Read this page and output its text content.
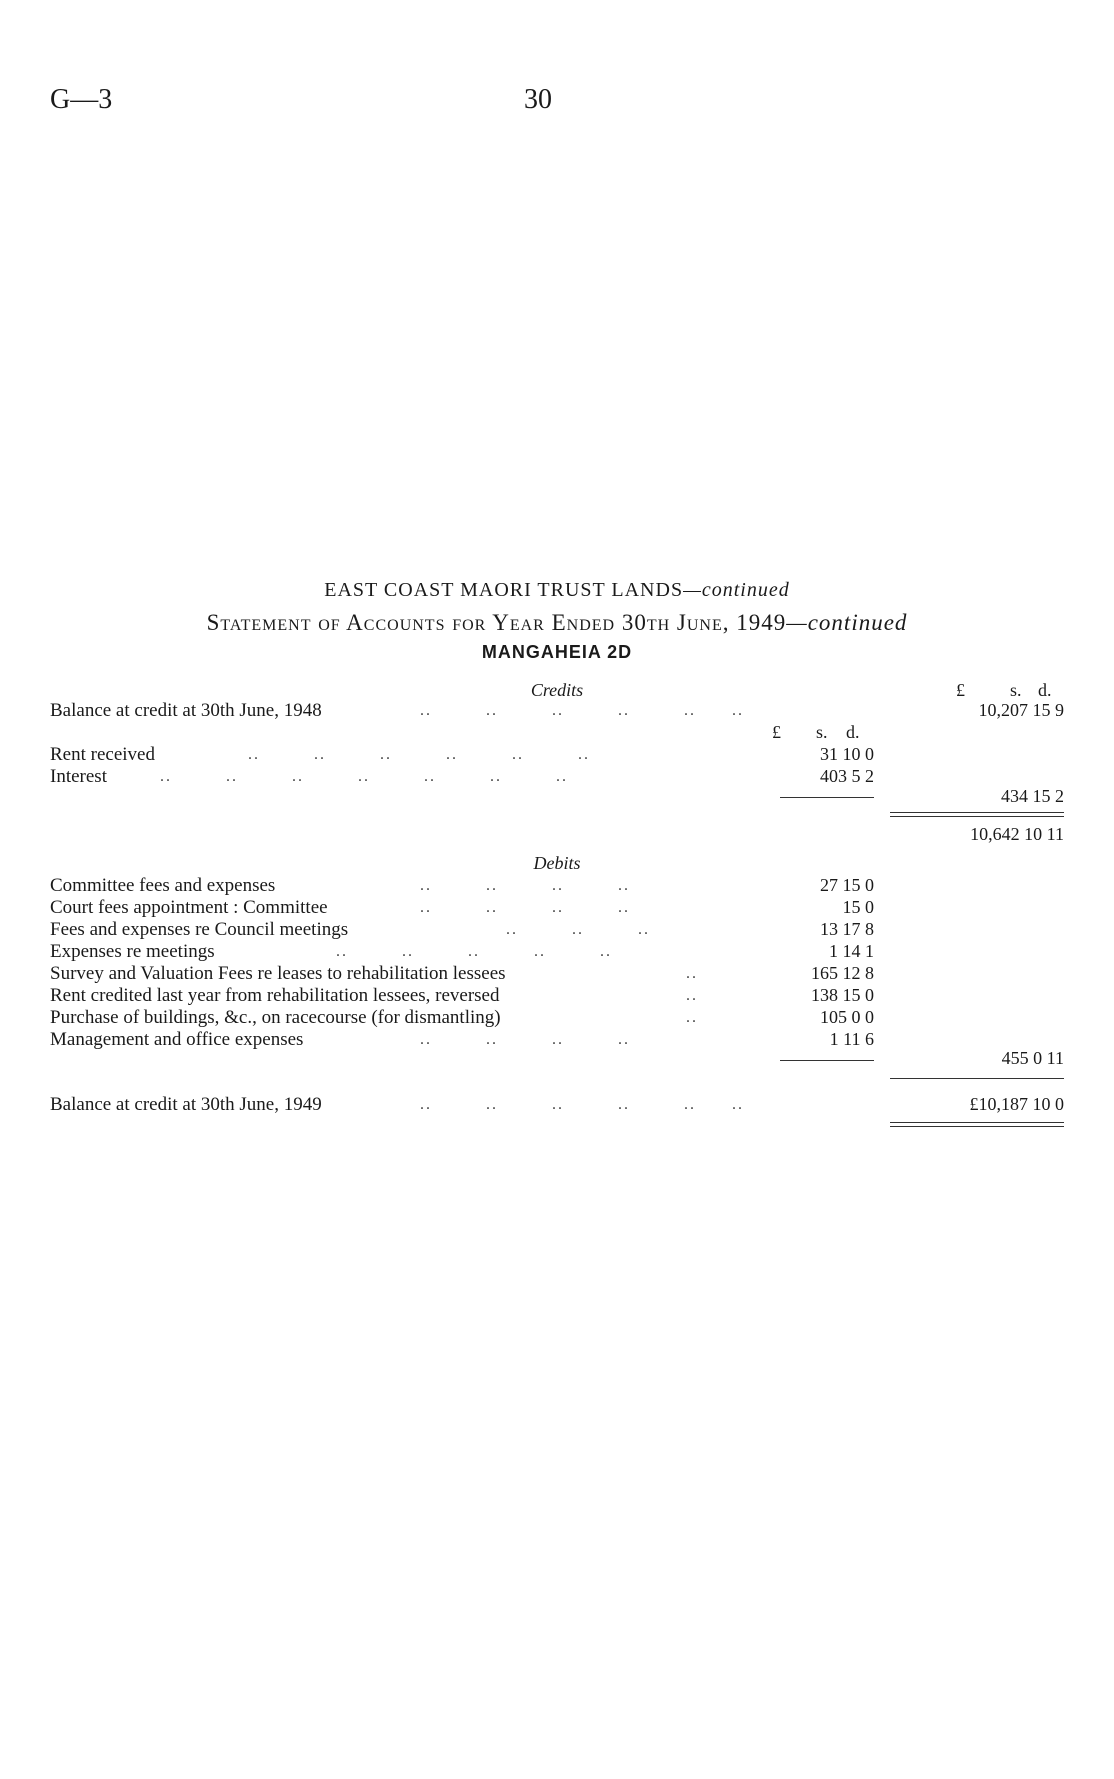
G—3	30
EAST COAST MAORI TRUST LANDS—continued
Statement of Accounts for Year Ended 30th June, 1949—continued
MANGAHEIA 2D
Credits	£	s. d.
Balance at credit at 30th June, 1948	..         ..         ..         ..         ..      ..	10,207 15 9
£ s. d.
Rent received	..         ..         ..         ..         ..         ..	31 10 0
Interest	..         ..         ..         ..         ..         ..         ..	403 5 2
434 15 2
10,642 10 11
Debits
Committee fees and expenses	..         ..         ..         ..	27 15 0
Court fees appointment : Committee	..         ..         ..         ..	15 0
Fees and expenses re Council meetings	..         ..         ..	13 17 8
Expenses re meetings	..         ..         ..         ..         ..	1 14 1
Survey and Valuation Fees re leases to rehabilitation lessees	..	165 12 8
Rent credited last year from rehabilitation lessees, reversed	..	138 15 0
Purchase of buildings, &c., on racecourse (for dismantling)	..	105 0 0
Management and office expenses	..         ..         ..         ..	1 11 6
455 0 11
Balance at credit at 30th June, 1949	..         ..         ..         ..         ..      ..	£10,187 10 0
